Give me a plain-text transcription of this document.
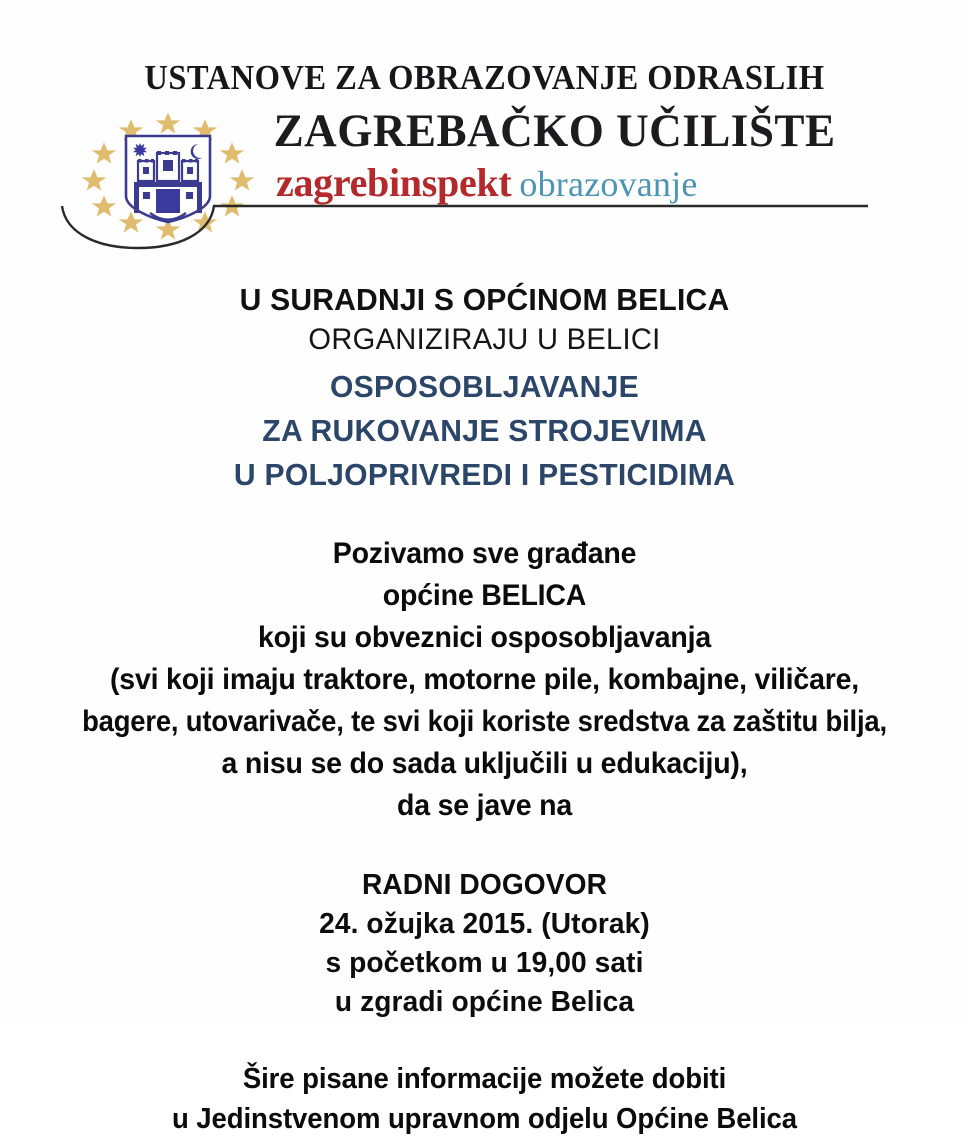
USTANOVE ZA OBRAZOVANJE ODRASLIH
ZAGREBAČKO UČILIŠTE
zagrebinspekt obrazovanje
U SURADNJI S OPĆINOM BELICA
ORGANIZIRAJU U BELICI
OSPOSOBLJAVANJE
ZA RUKOVANJE STROJEVIMA
U POLJOPRIVREDI I PESTICIDIMA
Pozivamo sve građane
općine BELICA
koji su obveznici osposobljavanja
(svi koji imaju traktore, motorne pile, kombajne, viličare,
bagere, utovarivače, te svi koji koriste sredstva za zaštitu bilja,
a nisu se do sada uključili u edukaciju),
da se jave na
RADNI DOGOVOR
24. ožujka 2015. (Utorak)
s početkom u 19,00 sati
u zgradi općine Belica
Šire pisane informacije možete dobiti
u Jedinstvenom upravnom odjelu Općine Belica
